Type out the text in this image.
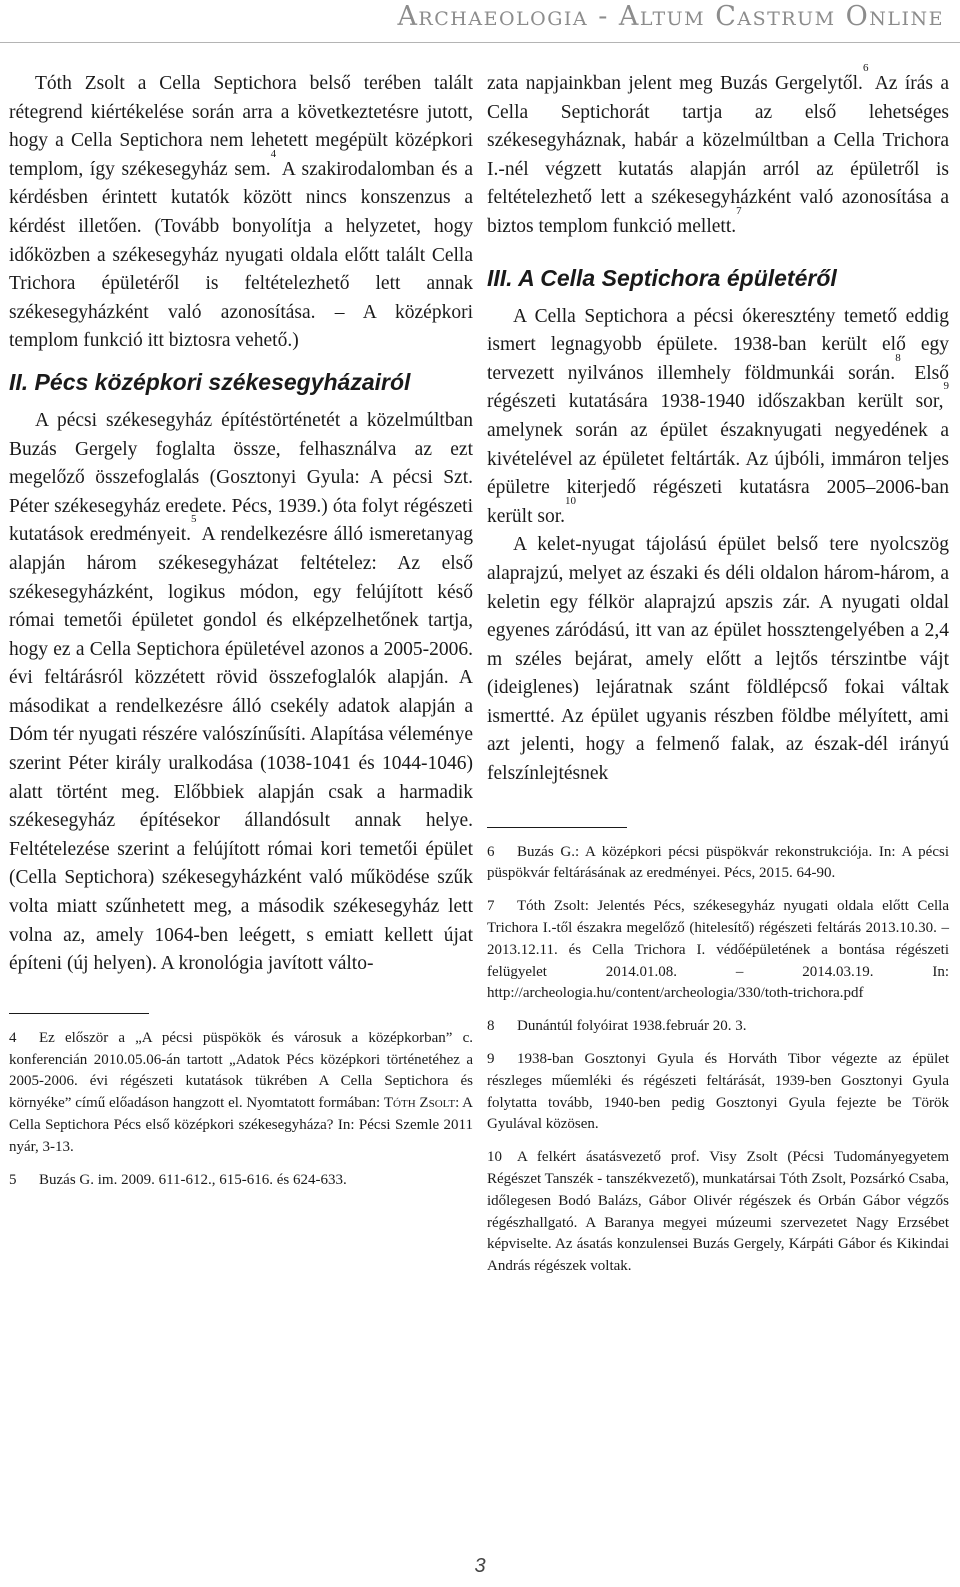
Archaeologia - Altum Castrum Online

Tóth Zsolt a Cella Septichora belső terében talált rétegrend kiértékelése során arra a következtetésre jutott, hogy a Cella Septichora nem lehetett megépült középkori templom, így székesegyház sem.$^4$ A szakirodalomban és a kérdésben érintett kutatók között nincs konszenzus a kérdést illetően. (Tovább bonyolítja a helyzetet, hogy időközben a székesegyház nyugati oldala előtt talált Cella Trichora épületéről is feltételezhető lett annak székesegyházként való azonosítása. – A középkori templom funkció itt biztosra vehető.)

II. Pécs középkori székesegyházairól

A pécsi székesegyház építéstörténetét a közelmúltban Buzás Gergely foglalta össze, felhasználva az ezt megelőző összefoglalás (Gosztonyi Gyula: A pécsi Szt. Péter székesegyház eredete. Pécs, 1939.) óta folyt régészeti kutatások eredményeit.$^5$ A rendelkezésre álló ismeretanyag alapján három székesegyházat feltételez: Az első székesegyházként, logikus módon, egy felújított késő római temetői épületet gondol és elképzelhetőnek tartja, hogy ez a Cella Septichora épületével azonos a 2005-2006. évi feltárásról közzétett rövid összefoglalók alapján. A másodikat a rendelkezésre álló csekély adatok alapján a Dóm tér nyugati részére valószínűsíti. Alapítása véleménye szerint Péter király uralkodása (1038-1041 és 1044-1046) alatt történt meg. Előbbiek alapján csak a harmadik székesegyház építésekor állandósult annak helye. Feltételezése szerint a felújított római kori temetői épület (Cella Septichora) székesegyházként való működése szűk volta miatt szűnhetett meg, a második székesegyház lett volna az, amely 1064-ben leégett, s emiatt kellett újat építeni (új helyen). A kronológia javított válto-

4 Ez először a „A pécsi püspökök és városuk a középkorban” c. konferencián 2010.05.06-án tartott „Adatok Pécs középkori történetéhez a 2005-2006. évi régészeti kutatások tükrében A Cella Septichora és környéke” című előadáson hangzott el. Nyomtatott formában: Tóth Zsolt: A Cella Septichora Pécs első középkori székesegyháza? In: Pécsi Szemle 2011 nyár, 3-13.

5 Buzás G. im. 2009. 611-612., 615-616. és 624-633.

zata napjainkban jelent meg Buzás Gergelytől.$^6$ Az írás a Cella Septichorát tartja az első lehetséges székesegyháznak, habár a közelmúltban a Cella Trichora I.-nél végzett kutatás alapján arról az épületről is feltételezhető lett a székesegyházként való azonosítása a biztos templom funkció mellett.$^7$

III. A Cella Septichora épületéről

A Cella Septichora a pécsi ókeresztény temető eddig ismert legnagyobb épülete. 1938-ban került elő egy tervezett nyilvános illemhely földmunkái során.$^8$ Első régészeti kutatására 1938-1940 időszakban került sor,$^9$ amelynek során az épület északnyugati negyedének a kivételével az épületet feltárták. Az újbóli, immáron teljes épületre kiterjedő régészeti kutatásra 2005–2006-ban került sor.$^{10}$

A kelet-nyugat tájolású épület belső tere nyolcszög alaprajzú, melyet az északi és déli oldalon három-három, a keletin egy félkör alaprajzú apszis zár. A nyugati oldal egyenes záródású, itt van az épület hossztengelyében a 2,4 m széles bejárat, amely előtt a lejtős térszintbe vájt (ideiglenes) lejáratnak szánt földlépcső fokai váltak ismertté. Az épület ugyanis részben földbe mélyített, ami azt jelenti, hogy a felmenő falak, az észak-dél irányú felszínlejtésnek

6 Buzás G.: A középkori pécsi püspökvár rekonstrukciója. In: A pécsi püspökvár feltárásának az eredményei. Pécs, 2015. 64-90.

7 Tóth Zsolt: Jelentés Pécs, székesegyház nyugati oldala előtt Cella Trichora I.-től északra megelőző (hitelesítő) régészeti feltárás 2013.10.30. – 2013.12.11. és Cella Trichora I. védőépületének a bontása régészeti felügyelet 2014.01.08. – 2014.03.19. In: http://archeologia.hu/content/archeologia/330/toth-trichora.pdf

8 Dunántúl folyóirat 1938.február 20. 3.

9 1938-ban Gosztonyi Gyula és Horváth Tibor végezte az épület részleges műemléki és régészeti feltárását, 1939-ben Gosztonyi Gyula folytatta tovább, 1940-ben pedig Gosztonyi Gyula fejezte be Török Gyulával közösen.

10 A felkért ásatásvezető prof. Visy Zsolt (Pécsi Tudományegyetem Régészet Tanszék - tanszékvezető), munkatársai Tóth Zsolt, Pozsárkó Csaba, időlegesen Bodó Balázs, Gábor Olivér régészek és Orbán Gábor végzős régészhallgató. A Baranya megyei múzeumi szervezetet Nagy Erzsébet képviselte. Az ásatás konzulensei Buzás Gergely, Kárpáti Gábor és Kikindai András régészek voltak.

3
